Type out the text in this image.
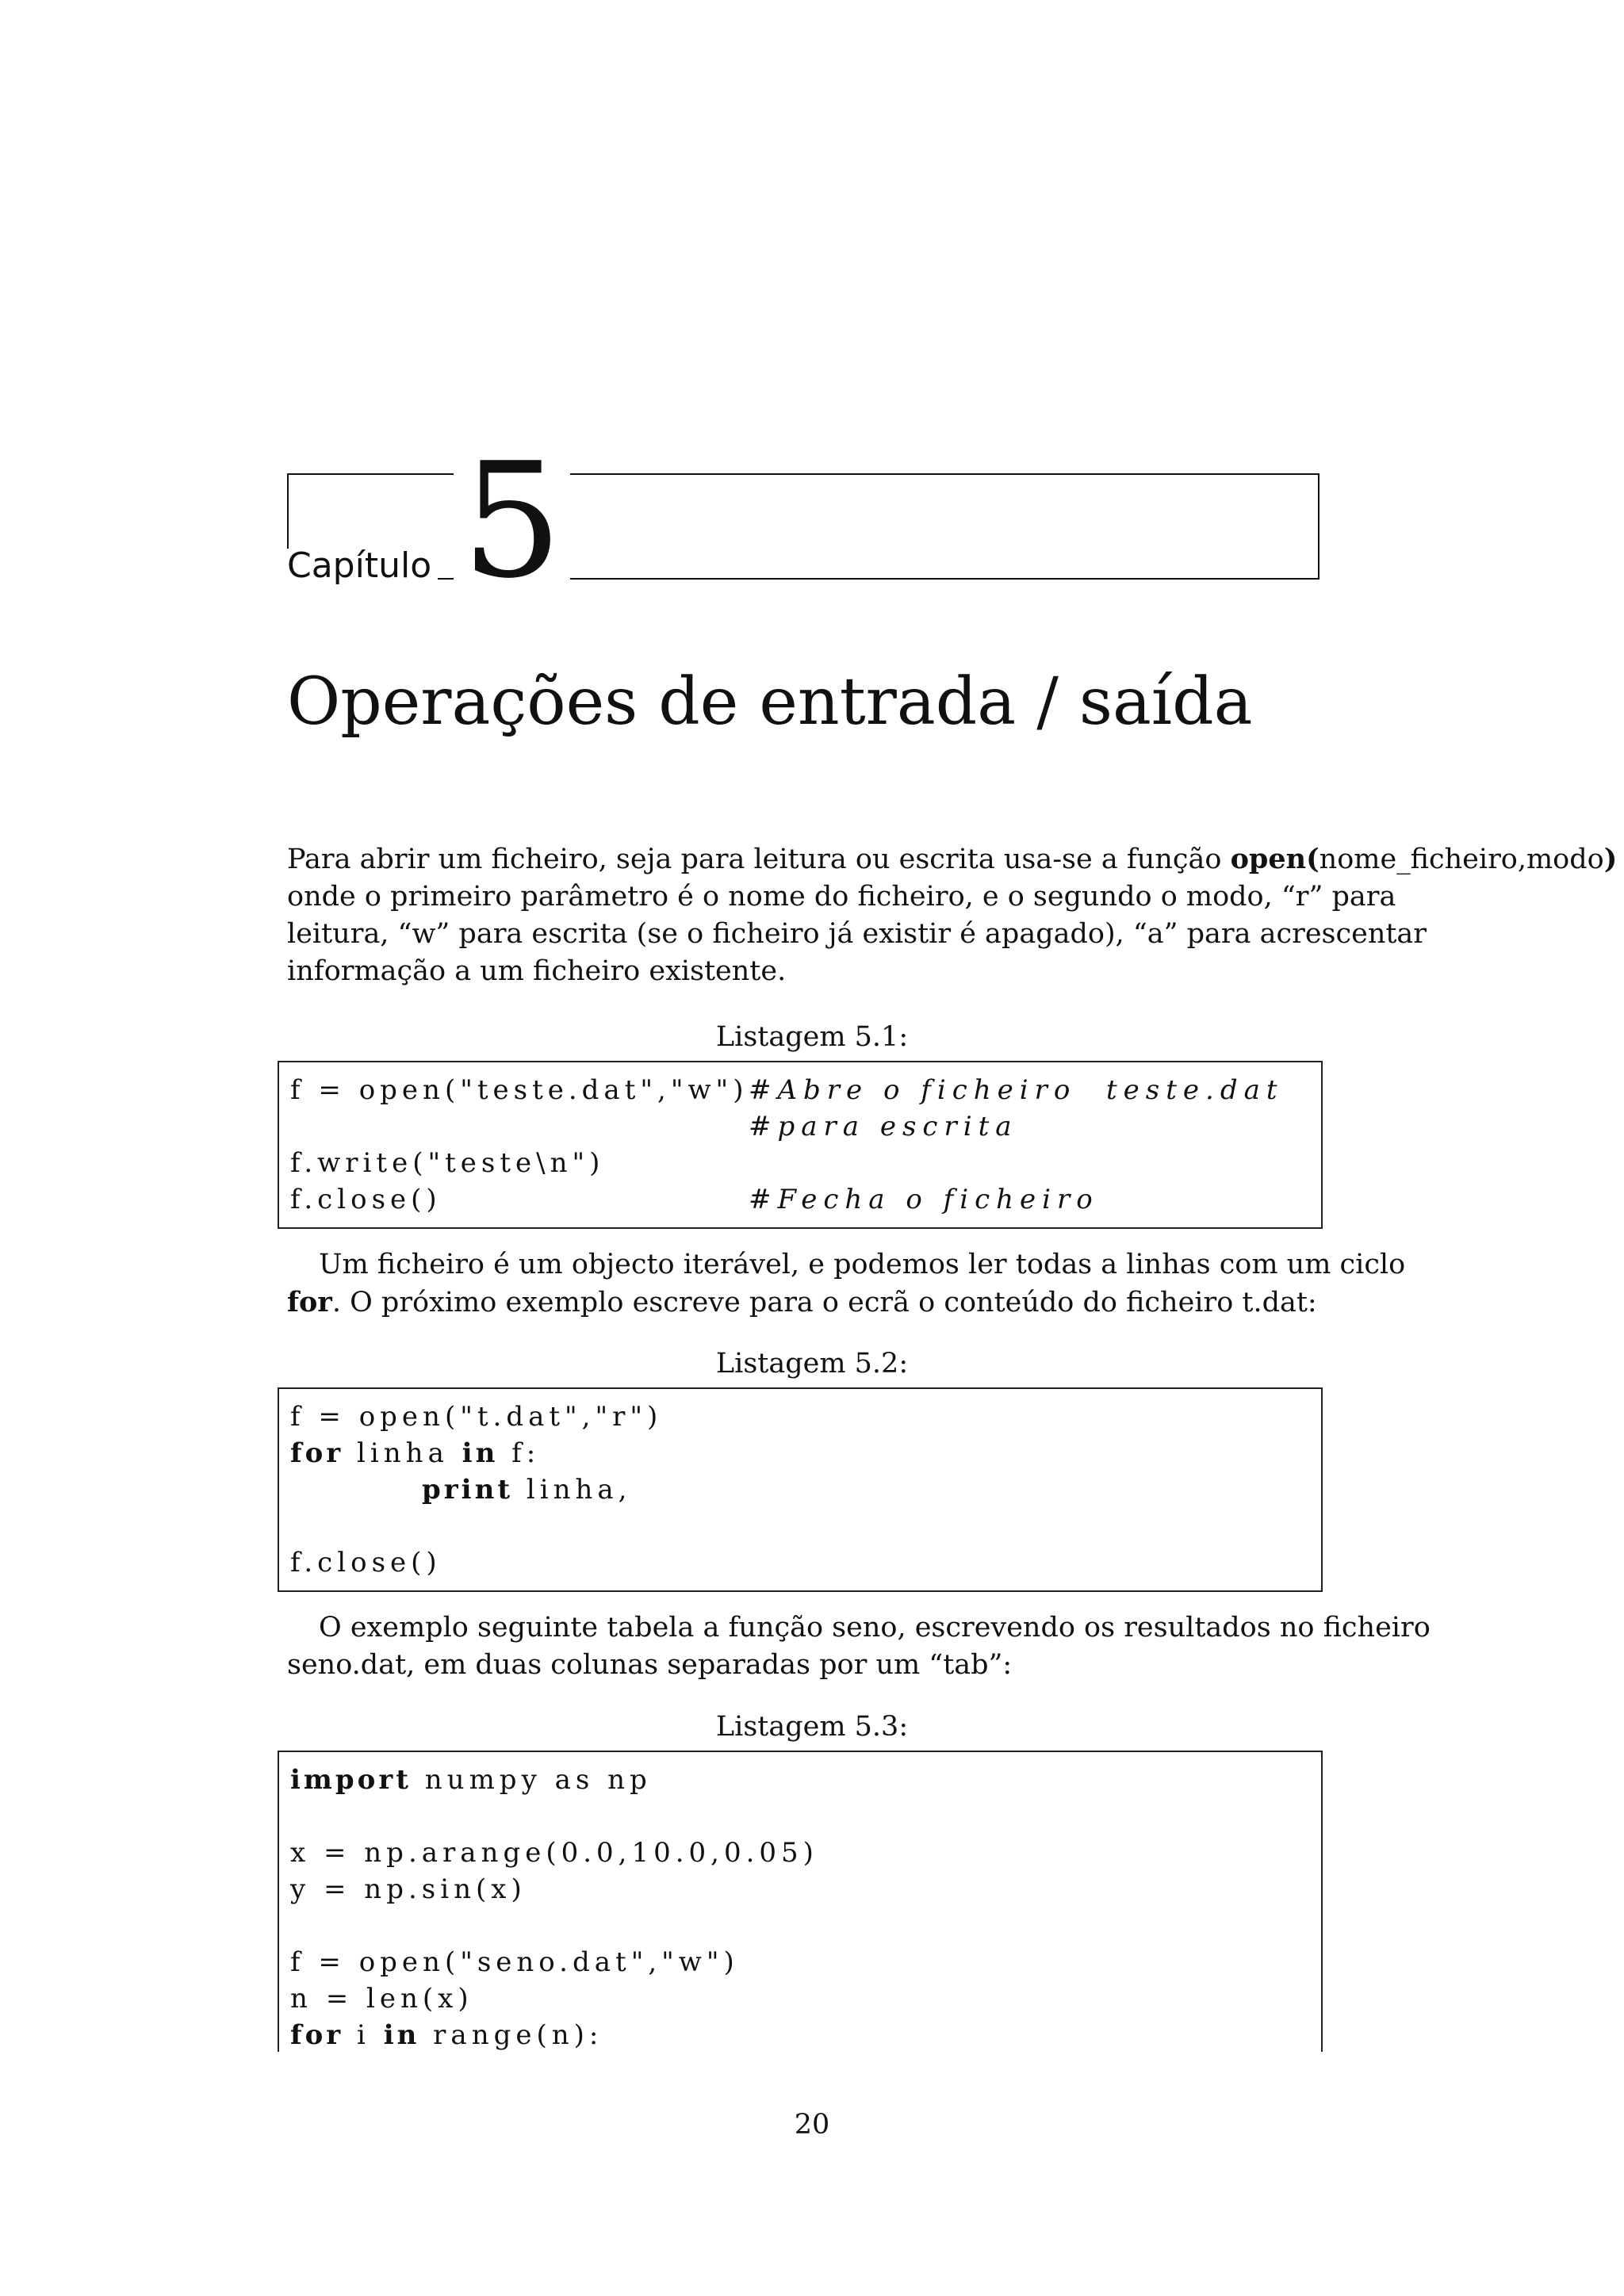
Capítulo 5
Operações de entrada / saída

Para abrir um ficheiro, seja para leitura ou escrita usa-se a função open(nome_ficheiro,modo)
onde o primeiro parâmetro é o nome do ficheiro, e o segundo o modo, “r” para
leitura, “w” para escrita (se o ficheiro já existir é apagado), “a” para acrescentar
informação a um ficheiro existente.

Listagem 5.1:

f = open("teste.dat","w") #Abre o ficheiro  teste.dat
#para escrita
f.write("teste\n")
f.close()	#Fecha o ficheiro

Um ficheiro é um objecto iterável, e podemos ler todas a linhas com um ciclo
for. O próximo exemplo escreve para o ecrã o conteúdo do ficheiro t.dat:

Listagem 5.2:

f = open("t.dat","r")
for linha in f:
print linha,
f.close()

O exemplo seguinte tabela a função seno, escrevendo os resultados no ficheiro
seno.dat, em duas colunas separadas por um “tab”:

Listagem 5.3:

import numpy as np
x = np.arange(0.0,10.0,0.05)
y = np.sin(x)
f = open("seno.dat","w")
n = len(x)
for i in range(n):
20
